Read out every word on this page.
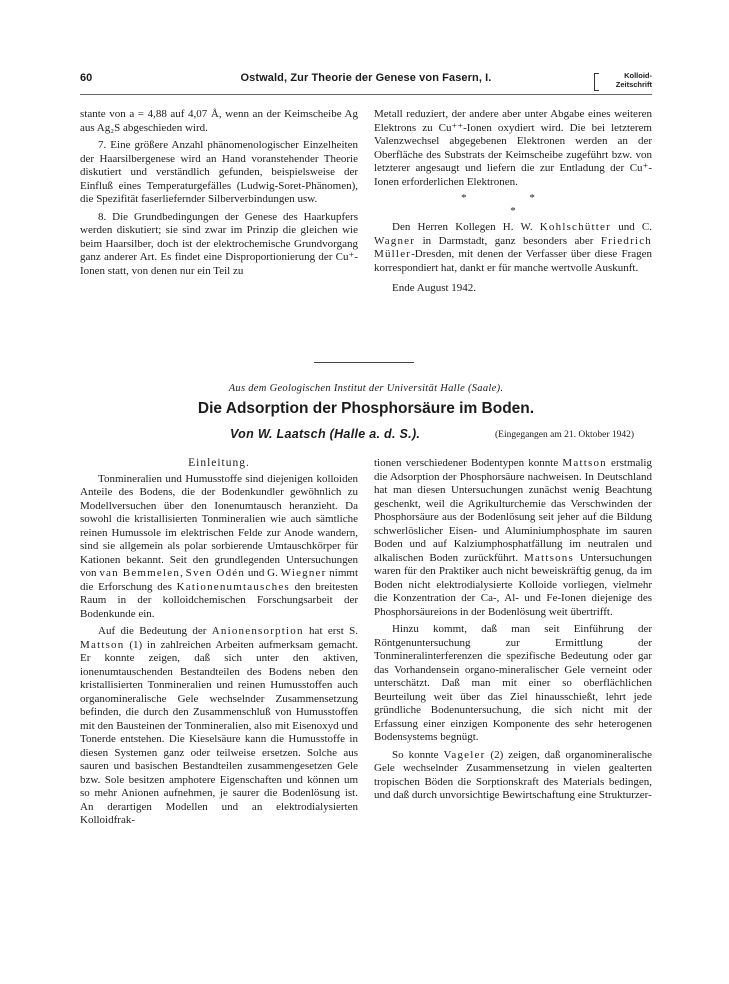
60	Ostwald, Zur Theorie der Genese von Fasern, I.	Kolloid-
Zeitschrift

stante von a = 4,88 auf 4,07 Å, wenn an der Keimscheibe Ag aus Ag₂S abgeschieden wird.

7. Eine größere Anzahl phänomenologischer Einzelheiten der Haarsilbergenese wird an Hand voranstehender Theorie diskutiert und verständlich gefunden, beispielsweise der Einfluß eines Temperaturgefälles (Ludwig-Soret-Phänomen), die Spezifität faserliefernder Silberverbindungen usw.

8. Die Grundbedingungen der Genese des Haarkupfers werden diskutiert; sie sind zwar im Prinzip die gleichen wie beim Haarsilber, doch ist der elektrochemische Grundvorgang ganz anderer Art. Es findet eine Disproportionierung der Cu⁺-Ionen statt, von denen nur ein Teil zu

Metall reduziert, der andere aber unter Abgabe eines weiteren Elektrons zu Cu⁺⁺-Ionen oxydiert wird. Die bei letzterem Valenzwechsel abgegebenen Elektronen werden an der Oberfläche des Substrats der Keimscheibe zugeführt bzw. von letzterer angesaugt und liefern die zur Entladung der Cu⁺-Ionen erforderlichen Elektronen.

* *
*

Den Herren Kollegen H. W. Kohlschütter und C. Wagner in Darmstadt, ganz besonders aber Friedrich Müller-Dresden, mit denen der Verfasser über diese Fragen korrespondiert hat, dankt er für manche wertvolle Auskunft.

Ende August 1942.

Aus dem Geologischen Institut der Universität Halle (Saale).
Die Adsorption der Phosphorsäure im Boden.
Von W. Laatsch (Halle a. d. S.).	(Eingegangen am 21. Oktober 1942)

Einleitung.

Tonmineralien und Humusstoffe sind diejenigen kolloiden Anteile des Bodens, die der Bodenkundler gewöhnlich zu Modellversuchen über den Ionenumtausch heranzieht. Da sowohl die kristallisierten Tonmineralien wie auch sämtliche reinen Humussole im elektrischen Felde zur Anode wandern, sind sie allgemein als polar sorbierende Umtauschkörper für Kationen bekannt. Seit den grundlegenden Untersuchungen von van Bemmelen, Sven Odén und G. Wiegner nimmt die Erforschung des Kationenumtausches den breitesten Raum in der kolloidchemischen Forschungsarbeit der Bodenkunde ein.

Auf die Bedeutung der Anionensorption hat erst S. Mattson (1) in zahlreichen Arbeiten aufmerksam gemacht. Er konnte zeigen, daß sich unter den aktiven, ionenumtauschenden Bestandteilen des Bodens neben den kristallisierten Tonmineralien und reinen Humusstoffen auch organomineralische Gele wechselnder Zusammensetzung befinden, die durch den Zusammenschluß von Humusstoffen mit den Bausteinen der Tonmineralien, also mit Eisenoxyd und Tonerde entstehen. Die Kieselsäure kann die Humusstoffe in diesen Systemen ganz oder teilweise ersetzen. Solche aus sauren und basischen Bestandteilen zusammengesetzen Gele bzw. Sole besitzen amphotere Eigenschaften und können um so mehr Anionen aufnehmen, je saurer die Bodenlösung ist. An derartigen Modellen und an elektrodialysierten Kolloidfrak-

tionen verschiedener Bodentypen konnte Mattson erstmalig die Adsorption der Phosphorsäure nachweisen. In Deutschland hat man diesen Untersuchungen zunächst wenig Beachtung geschenkt, weil die Agrikulturchemie das Verschwinden der Phosphorsäure aus der Bodenlösung seit jeher auf die Bildung schwerlöslicher Eisen- und Aluminiumphosphate im sauren Boden und auf Kalziumphosphatfällung im neutralen und alkalischen Boden zurückführt. Mattsons Untersuchungen waren für den Praktiker auch nicht beweiskräftig genug, da im Boden nicht elektrodialysierte Kolloide vorliegen, vielmehr die Konzentration der Ca-, Al- und Fe-Ionen diejenige des Phosphorsäureions in der Bodenlösung weit übertrifft.

Hinzu kommt, daß man seit Einführung der Röntgenuntersuchung zur Ermittlung der Tonmineralinterferenzen die spezifische Bedeutung oder gar das Vorhandensein organo-mineralischer Gele verneint oder unterschätzt. Daß man mit einer so oberflächlichen Beurteilung weit über das Ziel hinausschießt, lehrt jede gründliche Bodenuntersuchung, die sich nicht mit der Erfassung einer einzigen Komponente des sehr heterogenen Bodensystems begnügt.

So konnte Vageler (2) zeigen, daß organomineralische Gele wechselnder Zusammensetzung in vielen gealterten tropischen Böden die Sorptionskraft des Materials bedingen, und daß durch unvorsichtige Bewirtschaftung eine Strukturzer-
